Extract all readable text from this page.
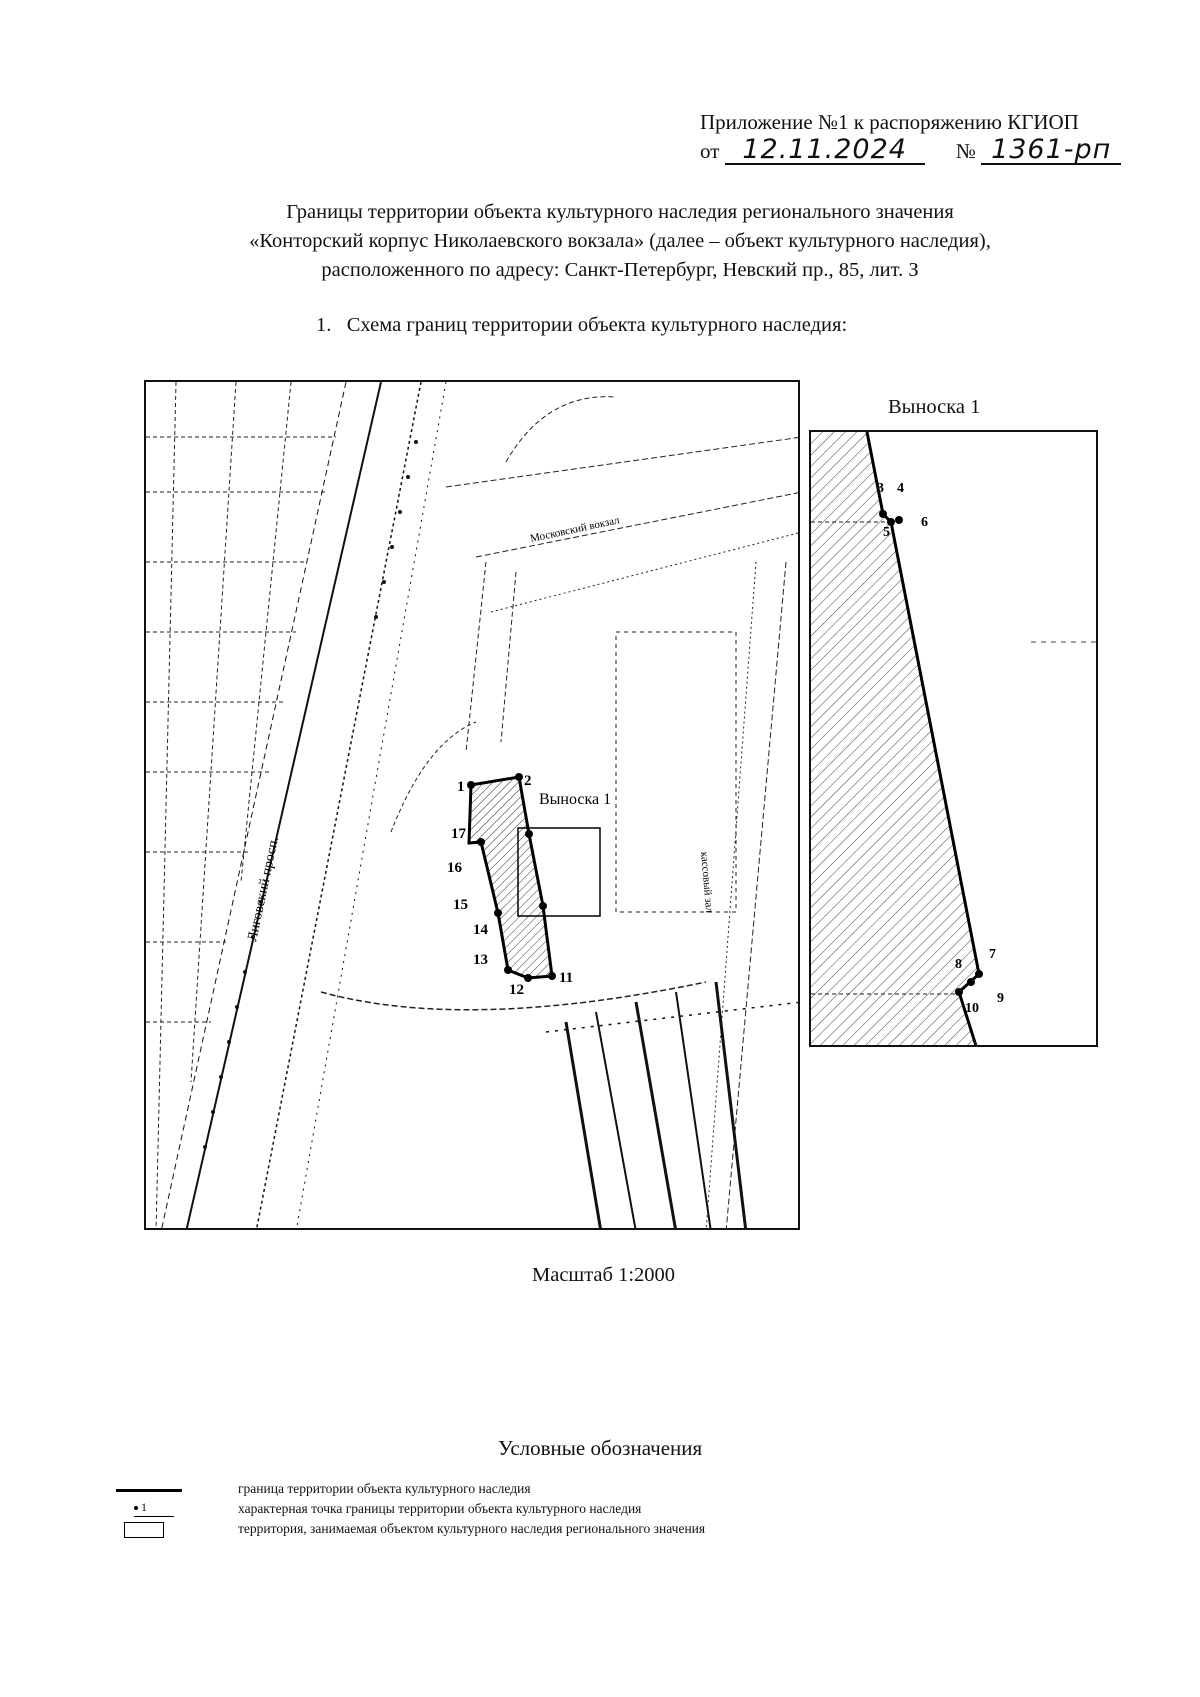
Приложение №1 к распоряжению КГИОП
от 12.11.2024 № 1361-рп
Границы территории объекта культурного наследия регионального значения
«Конторский корпус Николаевского вокзала» (далее – объект культурного наследия),
расположенного по адресу: Санкт-Петербург, Невский пр., 85, лит. З
1. Схема границ территории объекта культурного наследия:
1	2
11
12
13
14
15
16
17
Выноска 1
Лиговский просп.
Московский вокзал
кассовый зал
Выноска 1
3 4
5
6
7
8
9
10
Масштаб 1:2000
Условные обозначения
граница территории объекта культурного наследия
1	характерная точка границы территории объекта культурного наследия
территория, занимаемая объектом культурного наследия регионального значения
